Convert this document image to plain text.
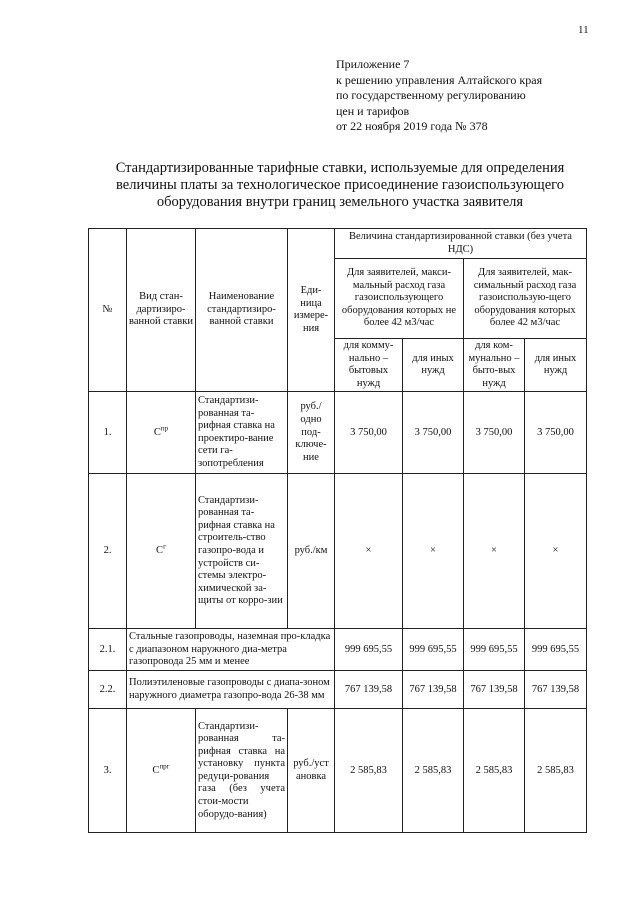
11
Приложение 7
к решению управления Алтайского края
по государственному регулированию
цен и тарифов
от 22 ноября 2019 года № 378
Стандартизированные тарифные ставки, используемые для определения
величины платы за технологическое присоединение газоиспользующего
оборудования внутри границ земельного участка заявителя
№	Вид стан-дартизиро-ванной ставки	Наименование стандартизиро-ванной ставки	Еди-ница измере-ния	Величина стандартизированной ставки (без учета НДС)			
				Для заявителей, макси-мальный расход газа газоиспользующего оборудования которых не более 42 м3/час		Для заявителей, мак-симальный расход газа газоиспользую-щего оборудования которых более 42 м3/час	
				для комму-нально – бытовых нужд	для иных нужд	для ком-мунально – быто-вых нужд	для иных нужд
1.	$С^{пр}$	Стандартизи-рованная та-рифная ставка на проектиро-вание сети га-зопотребления	руб./ одно под-ключе-ние	3 750,00	3 750,00	3 750,00	3 750,00
2.	$С^г$	Стандартизи-рованная та-рифная ставка на строитель-ство газопро-вода и устройств си-стемы электро-химической за-щиты от корро-зии	руб./км	×	×	×	×
2.1.	Стальные газопроводы, наземная про-кладка с диапазоном наружного диа-метра газопровода 25 мм и менее			999 695,55	999 695,55	999 695,55	999 695,55
2.2.	Полиэтиленовые газопроводы с диапа-зоном наружного диаметра газопро-вода 26-38 мм			767 139,58	767 139,58	767 139,58	767 139,58
3.	$С^{прг}$	Стандартизи-рованная та-рифная ставка на установку пункта редуци-рования газа (без учета стои-мости оборудо-вания)	руб./уст ановка	2 585,83	2 585,83	2 585,83	2 585,83
